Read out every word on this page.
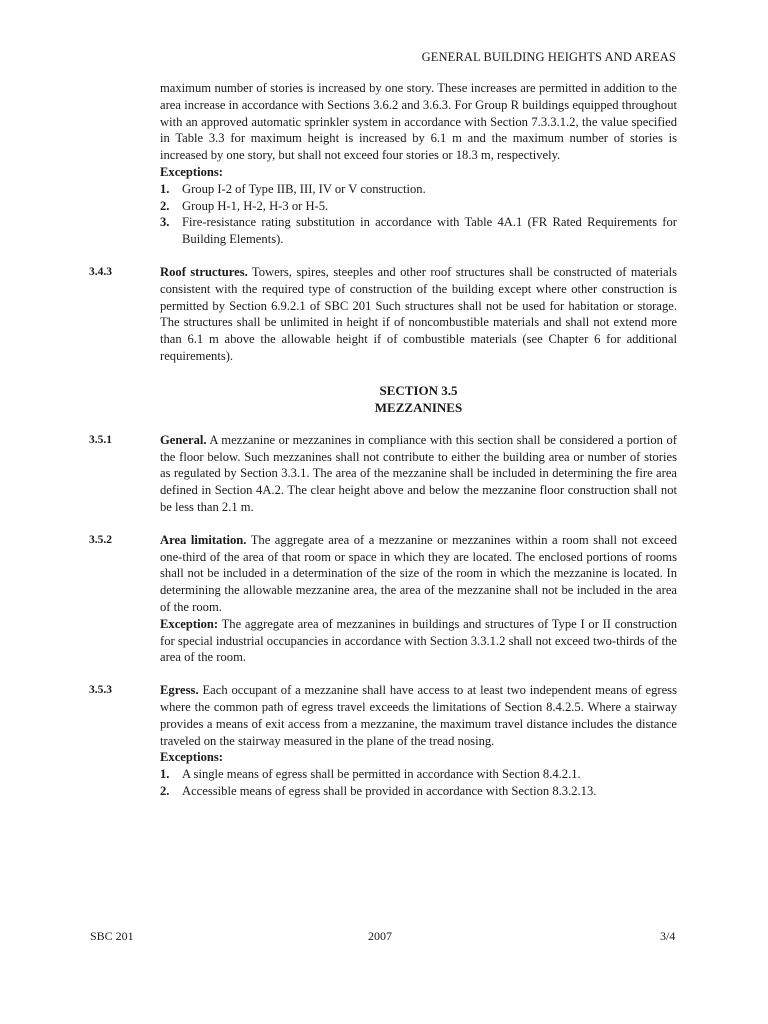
GENERAL BUILDING HEIGHTS AND AREAS

maximum number of stories is increased by one story. These increases are permitted in addition to the area increase in accordance with Sections 3.6.2 and 3.6.3. For Group R buildings equipped throughout with an approved automatic sprinkler system in accordance with Section 7.3.3.1.2, the value specified in Table 3.3 for maximum height is increased by 6.1 m and the maximum number of stories is increased by one story, but shall not exceed four stories or 18.3 m, respectively.

Exceptions:

1. Group I-2 of Type IIB, III, IV or V construction.
2. Group H-1, H-2, H-3 or H-5.
3. Fire-resistance rating substitution in accordance with Table 4A.1 (FR Rated Requirements for Building Elements).
3.4.3	Roof structures. Towers, spires, steeples and other roof structures shall be constructed of materials consistent with the required type of construction of the building except where other construction is permitted by Section 6.9.2.1 of SBC 201 Such structures shall not be used for habitation or storage. The structures shall be unlimited in height if of noncombustible materials and shall not extend more than 6.1 m above the allowable height if of combustible materials (see Chapter 6 for additional requirements).

SECTION 3.5
MEZZANINES
3.5.1	General. A mezzanine or mezzanines in compliance with this section shall be considered a portion of the floor below. Such mezzanines shall not contribute to either the building area or number of stories as regulated by Section 3.3.1. The area of the mezzanine shall be included in determining the fire area defined in Section 4A.2. The clear height above and below the mezzanine floor construction shall not be less than 2.1 m.

3.5.2	Area limitation. The aggregate area of a mezzanine or mezzanines within a room shall not exceed one-third of the area of that room or space in which they are located. The enclosed portions of rooms shall not be included in a determination of the size of the room in which the mezzanine is located. In determining the allowable mezzanine area, the area of the mezzanine shall not be included in the area of the room.

Exception: The aggregate area of mezzanines in buildings and structures of Type I or II construction for special industrial occupancies in accordance with Section 3.3.1.2 shall not exceed two-thirds of the area of the room.

3.5.3	Egress. Each occupant of a mezzanine shall have access to at least two independent means of egress where the common path of egress travel exceeds the limitations of Section 8.4.2.5. Where a stairway provides a means of exit access from a mezzanine, the maximum travel distance includes the distance traveled on the stairway measured in the plane of the tread nosing.

Exceptions:

1. A single means of egress shall be permitted in accordance with Section 8.4.2.1.
2. Accessible means of egress shall be provided in accordance with Section 8.3.2.13.
SBC 201	2007	3/4
